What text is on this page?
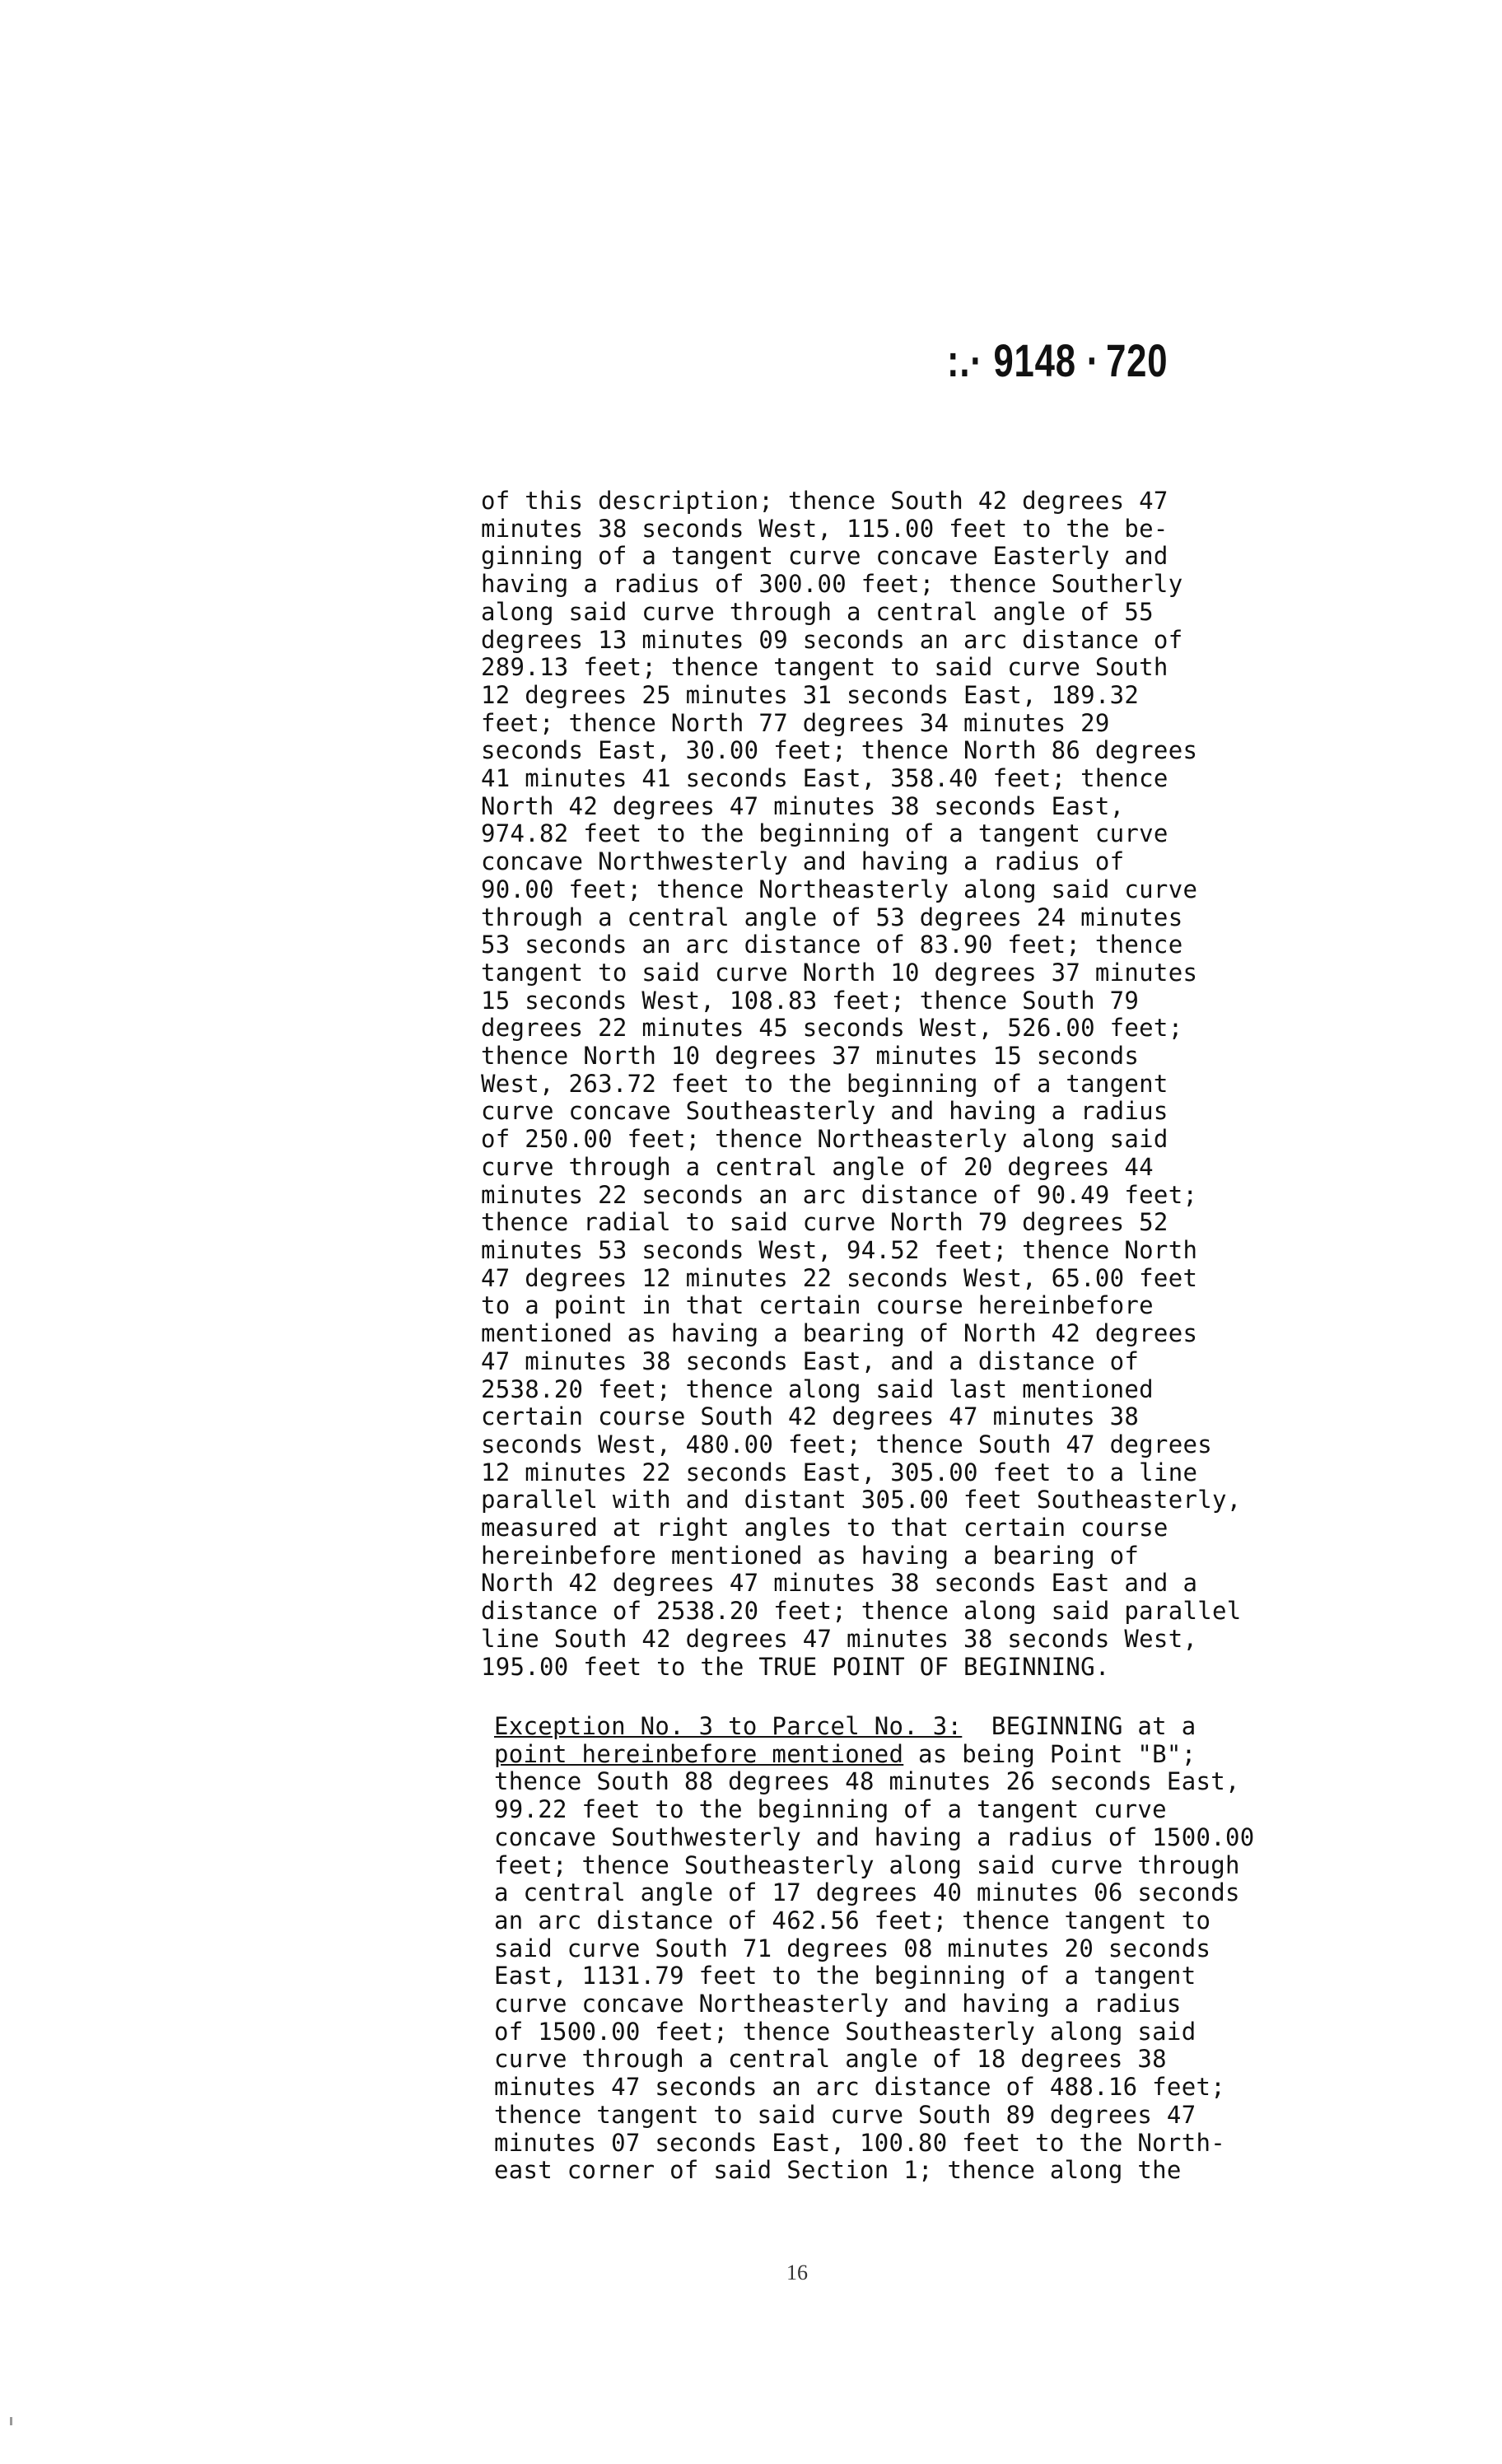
:.· 9148 · 720
of this description; thence South 42 degrees 47
minutes 38 seconds West, 115.00 feet to the be-
ginning of a tangent curve concave Easterly and
having a radius of 300.00 feet; thence Southerly
along said curve through a central angle of 55
degrees 13 minutes 09 seconds an arc distance of
289.13 feet; thence tangent to said curve South
12 degrees 25 minutes 31 seconds East, 189.32
feet; thence North 77 degrees 34 minutes 29
seconds East, 30.00 feet; thence North 86 degrees
41 minutes 41 seconds East, 358.40 feet; thence
North 42 degrees 47 minutes 38 seconds East,
974.82 feet to the beginning of a tangent curve
concave Northwesterly and having a radius of
90.00 feet; thence Northeasterly along said curve
through a central angle of 53 degrees 24 minutes
53 seconds an arc distance of 83.90 feet; thence
tangent to said curve North 10 degrees 37 minutes
15 seconds West, 108.83 feet; thence South 79
degrees 22 minutes 45 seconds West, 526.00 feet;
thence North 10 degrees 37 minutes 15 seconds
West, 263.72 feet to the beginning of a tangent
curve concave Southeasterly and having a radius
of 250.00 feet; thence Northeasterly along said
curve through a central angle of 20 degrees 44
minutes 22 seconds an arc distance of 90.49 feet;
thence radial to said curve North 79 degrees 52
minutes 53 seconds West, 94.52 feet; thence North
47 degrees 12 minutes 22 seconds West, 65.00 feet
to a point in that certain course hereinbefore
mentioned as having a bearing of North 42 degrees
47 minutes 38 seconds East, and a distance of
2538.20 feet; thence along said last mentioned
certain course South 42 degrees 47 minutes 38
seconds West, 480.00 feet; thence South 47 degrees
12 minutes 22 seconds East, 305.00 feet to a line
parallel with and distant 305.00 feet Southeasterly,
measured at right angles to that certain course
hereinbefore mentioned as having a bearing of
North 42 degrees 47 minutes 38 seconds East and a
distance of 2538.20 feet; thence along said parallel
line South 42 degrees 47 minutes 38 seconds West,
195.00 feet to the TRUE POINT OF BEGINNING.
Exception No. 3 to Parcel No. 3:  BEGINNING at a
point hereinbefore mentioned as being Point "B";
thence South 88 degrees 48 minutes 26 seconds East,
99.22 feet to the beginning of a tangent curve
concave Southwesterly and having a radius of 1500.00
feet; thence Southeasterly along said curve through
a central angle of 17 degrees 40 minutes 06 seconds
an arc distance of 462.56 feet; thence tangent to
said curve South 71 degrees 08 minutes 20 seconds
East, 1131.79 feet to the beginning of a tangent
curve concave Northeasterly and having a radius
of 1500.00 feet; thence Southeasterly along said
curve through a central angle of 18 degrees 38
minutes 47 seconds an arc distance of 488.16 feet;
thence tangent to said curve South 89 degrees 47
minutes 07 seconds East, 100.80 feet to the North-
east corner of said Section 1; thence along the
16
